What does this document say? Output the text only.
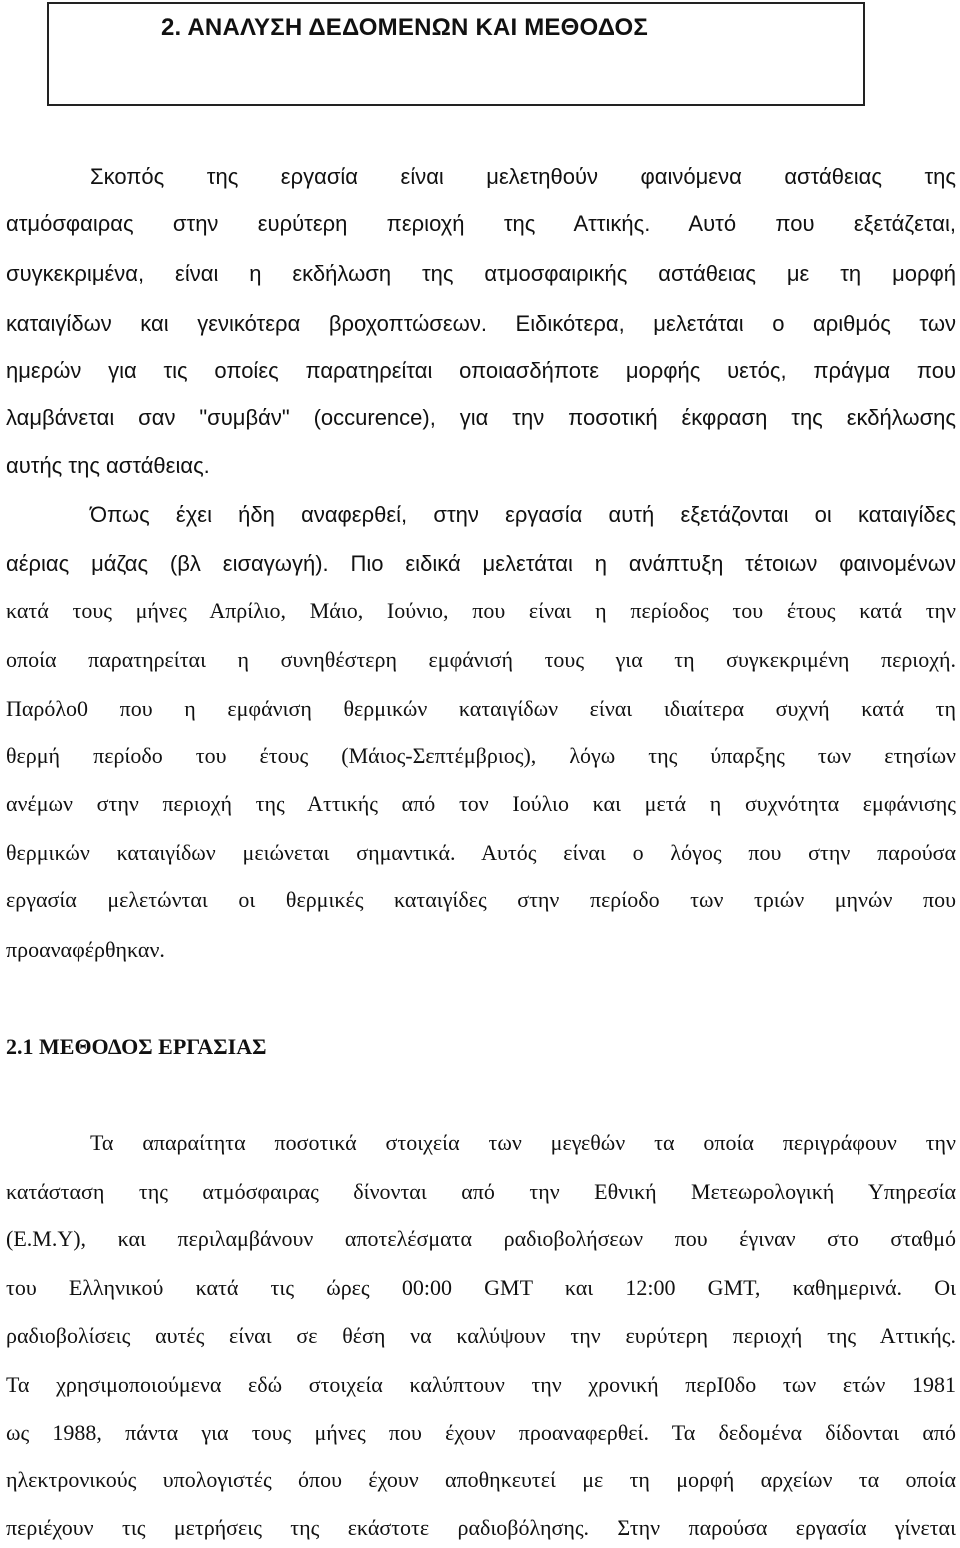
2. ΑΝΑΛΥΣΗ ΔΕΔΟΜΕΝΩΝ ΚΑΙ ΜΕΘΟΔΟΣ
Σκοπός της εργασία είναι μελετηθούν φαινόμενα αστάθειας της
ατμόσφαιρας στην ευρύτερη περιοχή της Αττικής. Αυτό που εξετάζεται,
συγκεκριμένα, είναι η εκδήλωση της ατμοσφαιρικής αστάθειας με τη μορφή
καταιγίδων και γενικότερα βροχοπτώσεων. Ειδικότερα, μελετάται ο αριθμός των
ημερών για τις οποίες παρατηρείται οποιασδήποτε μορφής υετός, πράγμα που
λαμβάνεται σαν "συμβάν" (occurence), για την ποσοτική έκφραση της εκδήλωσης
αυτής της αστάθειας.
Όπως έχει ήδη αναφερθεί, στην εργασία αυτή εξετάζονται οι καταιγίδες
αέριας μάζας (βλ εισαγωγή). Πιο ειδικά μελετάται η ανάπτυξη τέτοιων φαινομένων
κατά τους μήνες Απρίλιο, Μάιο, Ιούνιο, που είναι η περίοδος του έτους κατά την
οποία παρατηρείται η συνηθέστερη εμφάνισή τους για τη συγκεκριμένη περιοχή.
Παρόλο0 που η εμφάνιση θερμικών καταιγίδων είναι ιδιαίτερα συχνή κατά τη
θερμή περίοδο του έτους (Μάιος-Σεπτέμβριος), λόγω της ύπαρξης των ετησίων
ανέμων στην περιοχή της Αττικής από τον Ιούλιο και μετά η συχνότητα εμφάνισης
θερμικών καταιγίδων μειώνεται σημαντικά. Αυτός είναι ο λόγος που στην παρούσα
εργασία μελετώνται οι θερμικές καταιγίδες στην περίοδο των τριών μηνών που
προαναφέρθηκαν.
2.1 ΜΕΘΟΔΟΣ ΕΡΓΑΣΙΑΣ
Τα απαραίτητα ποσοτικά στοιχεία των μεγεθών τα οποία περιγράφουν την
κατάσταση της ατμόσφαιρας δίνονται από την Εθνική Μετεωρολογική Υπηρεσία
(Ε.Μ.Υ), και περιλαμβάνουν αποτελέσματα ραδιοβολήσεων που έγιναν στο σταθμό
του Ελληνικού κατά τις ώρες 00:00 GMT και 12:00 GMT, καθημερινά. Οι
ραδιοβολίσεις αυτές είναι σε θέση να καλύψουν την ευρύτερη περιοχή της Αττικής.
Τα χρησιμοποιούμενα εδώ στοιχεία καλύπτουν την χρονική περΙ0δο των ετών 1981
ως 1988, πάντα για τους μήνες που έχουν προαναφερθεί. Τα δεδομένα δίδονται από
ηλεκτρονικούς υπολογιστές όπου έχουν αποθηκευτεί με τη μορφή αρχείων τα οποία
περιέχουν τις μετρήσεις της εκάστοτε ραδιοβόλησης. Στην παρούσα εργασία γίνεται
